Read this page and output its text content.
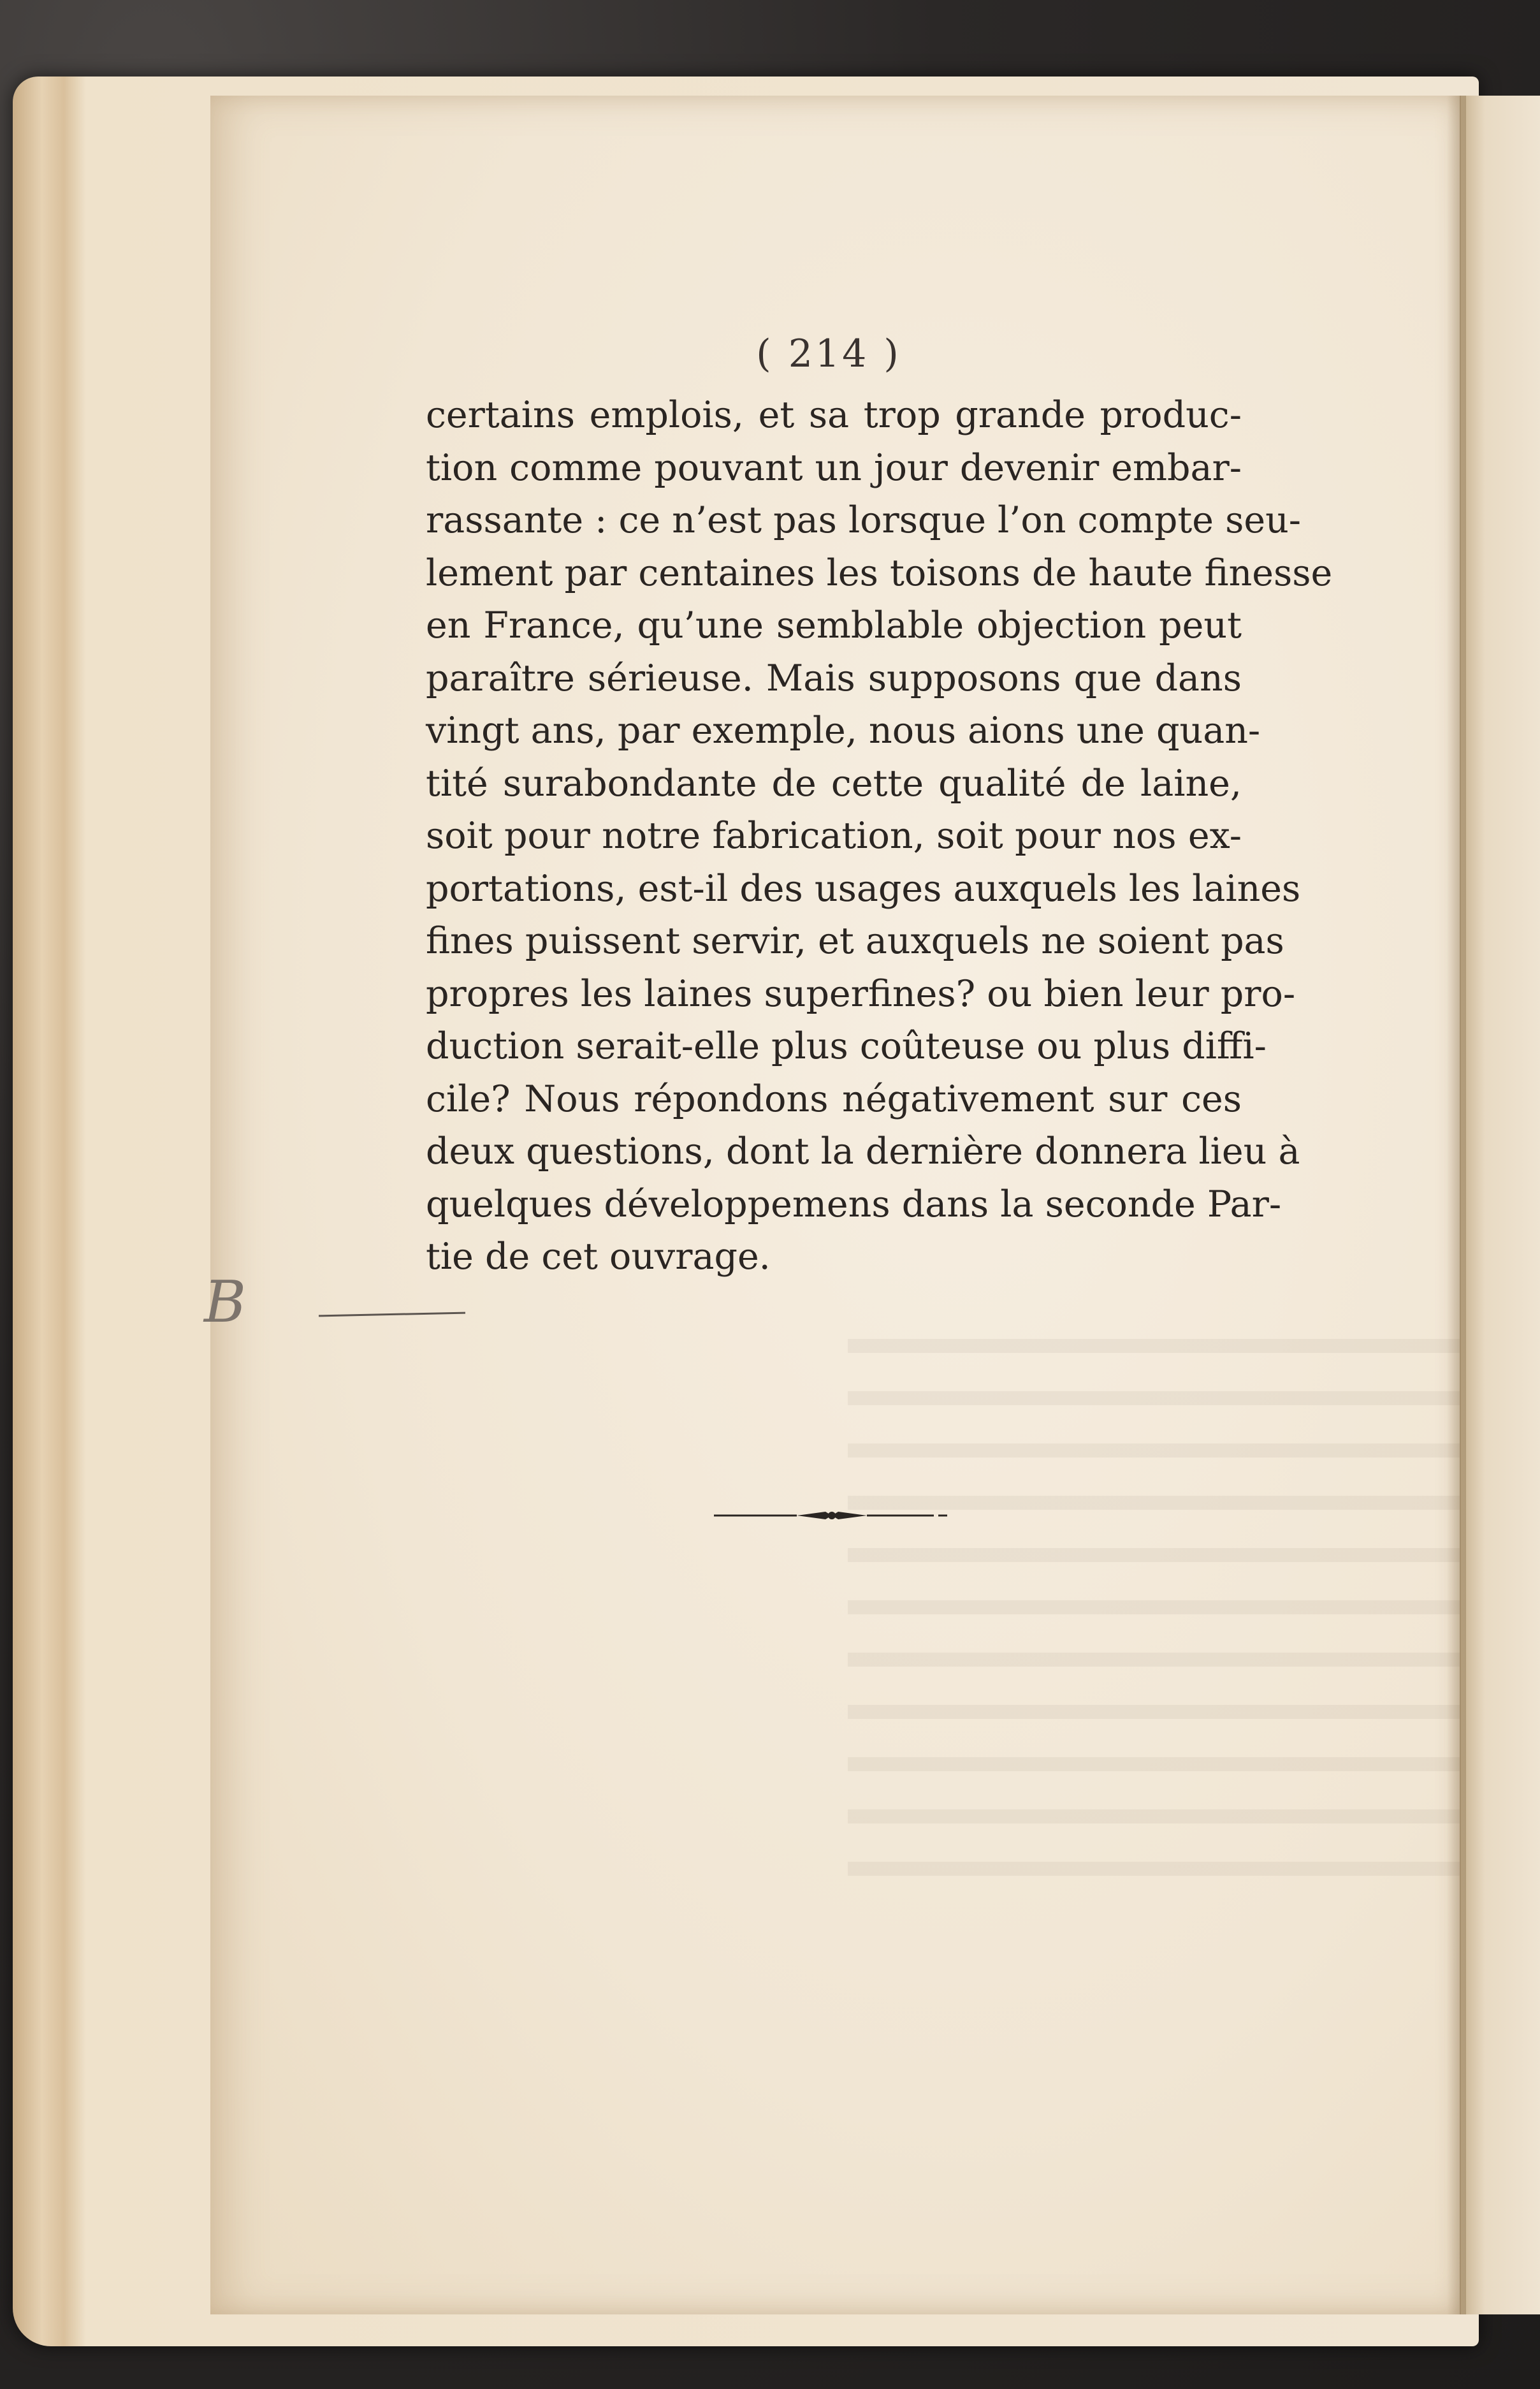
( 214 )
certains emplois, et sa trop grande produc-
tion comme pouvant un jour devenir embar-
rassante : ce n’est pas lorsque l’on compte seu-
lement par centaines les toisons de haute finesse
en France, qu’une semblable objection peut
paraître sérieuse. Mais supposons que dans
vingt ans, par exemple, nous aions une quan-
tité surabondante de cette qualité de laine,
soit pour notre fabrication, soit pour nos ex-
portations, est-il des usages auxquels les laines
fines puissent servir, et auxquels ne soient pas
propres les laines superfines? ou bien leur pro-
duction serait-elle plus coûteuse ou plus diffi-
cile? Nous répondons négativement sur ces
deux questions, dont la dernière donnera lieu à
quelques développemens dans la seconde Par-
tie de cet ouvrage.
B
